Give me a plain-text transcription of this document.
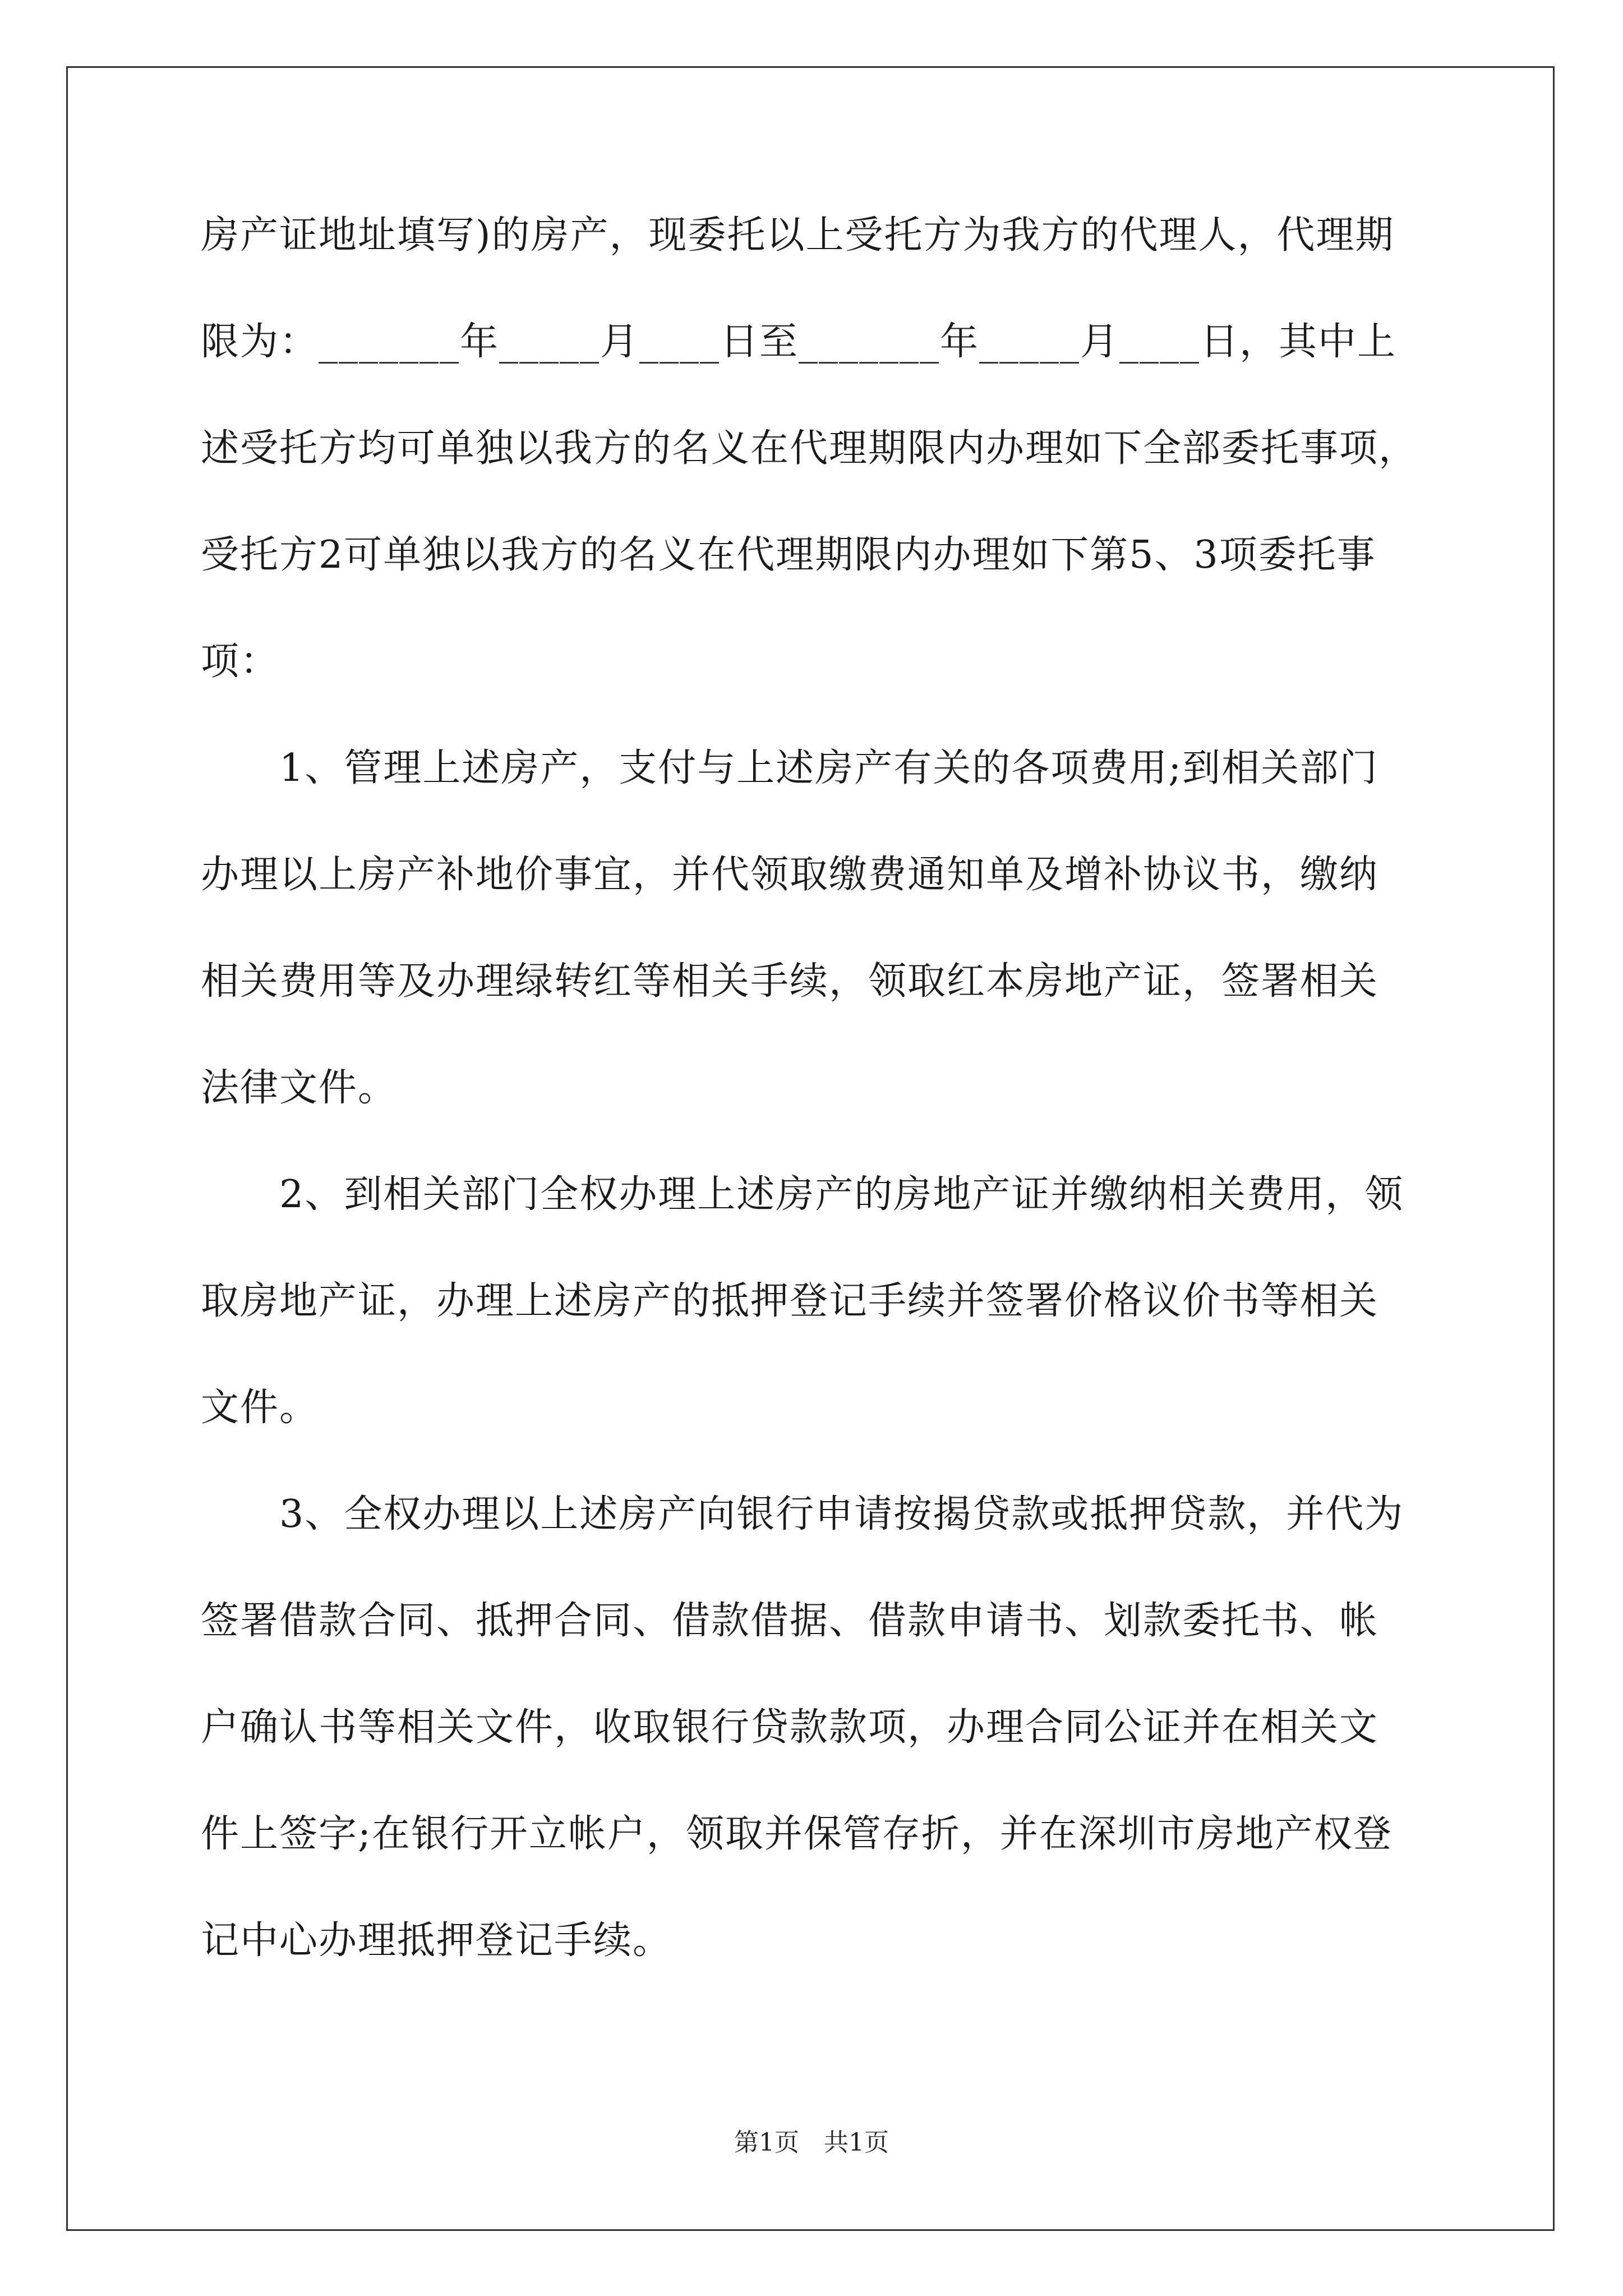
房产证地址填写)的房产，现委托以上受托方为我方的代理人，代理期
限为：_______年_____月____日至_______年_____月____日，其中上
述受托方均可单独以我方的名义在代理期限内办理如下全部委托事项，
受托方2可单独以我方的名义在代理期限内办理如下第5、3项委托事
项：
　　1、管理上述房产，支付与上述房产有关的各项费用;到相关部门
办理以上房产补地价事宜，并代领取缴费通知单及增补协议书，缴纳
相关费用等及办理绿转红等相关手续，领取红本房地产证，签署相关
法律文件。
　　2、到相关部门全权办理上述房产的房地产证并缴纳相关费用，领
取房地产证，办理上述房产的抵押登记手续并签署价格议价书等相关
文件。
　　3、全权办理以上述房产向银行申请按揭贷款或抵押贷款，并代为
签署借款合同、抵押合同、借款借据、借款申请书、划款委托书、帐
户确认书等相关文件，收取银行贷款款项，办理合同公证并在相关文
件上签字;在银行开立帐户，领取并保管存折，并在深圳市房地产权登
记中心办理抵押登记手续。
第1页　共1页
